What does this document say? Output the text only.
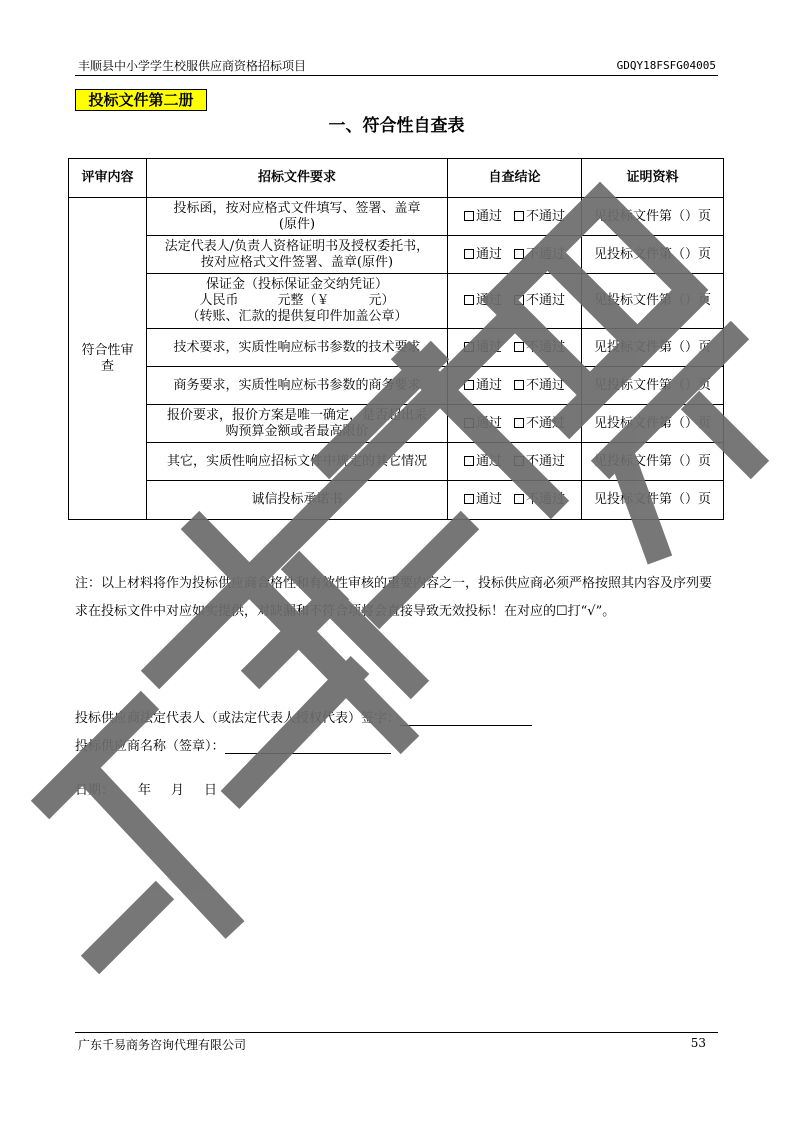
丰顺县中小学学生校服供应商资格招标项目	GDQY18FSFG04005
投标文件第二册
一、符合性自查表
评审内容	招标文件要求	自查结论	证明资料
符合性审查	投标函，按对应格式文件填写、签署、盖章
(原件)	通过 不通过	见投标文件第（）页

	法定代表人/负责人资格证明书及授权委托书，
按对应格式文件签署、盖章(原件)	通过 不通过	见投标文件第（）页

	保证金（投标保证金交纳凭证）
人民币　　　元整（￥　　　元）
（转账、汇款的提供复印件加盖公章）	通过 不通过	见投标文件第（）页

	技术要求，实质性响应标书参数的技术要求	通过 不通过	见投标文件第（）页

	商务要求，实质性响应标书参数的商务要求	通过 不通过	见投标文件第（）页

	报价要求，报价方案是唯一确定，是否超出采
购预算金额或者最高限价	通过 不通过	见投标文件第（）页

	其它，实质性响应招标文件中规定的其它情况	通过 不通过	见投标文件第（）页

	诚信投标承诺书	通过 不通过	见投标文件第（）页
注：以上材料将作为投标供应商合格性和有效性审核的重要内容之一，投标供应商必须严格按照其内容及序列要求在投标文件中对应如实提供，对缺漏和不符合项将会直接导致无效投标！在对应的☐打“√”。
投标供应商法定代表人（或法定代表人授权代表）签字：
投标供应商名称（签章）：
日期： 年 月 日
广东千易商务咨询代理有限公司	53
